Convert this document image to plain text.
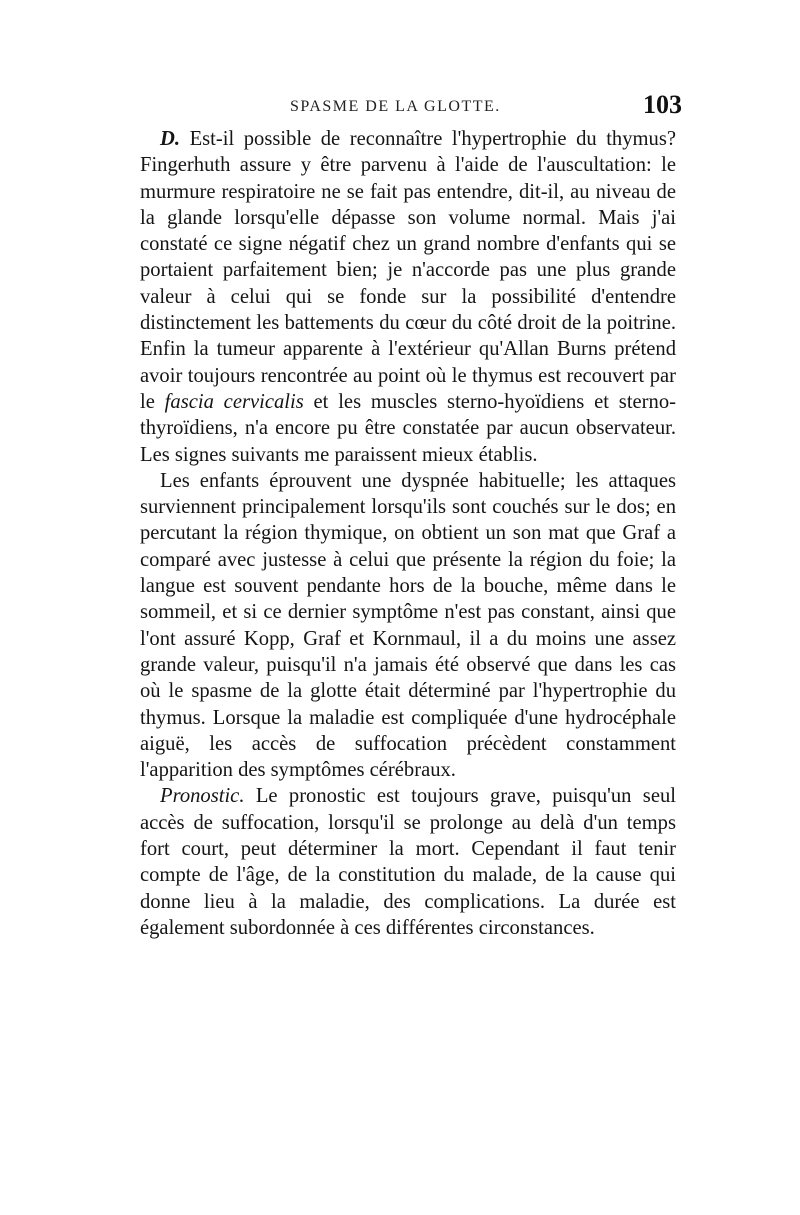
SPASME DE LA GLOTTE.	103

D. Est-il possible de reconnaître l'hypertrophie du thymus? Fingerhuth assure y être parvenu à l'aide de l'auscultation: le murmure respiratoire ne se fait pas entendre, dit-il, au niveau de la glande lorsqu'elle dépasse son volume normal. Mais j'ai constaté ce signe négatif chez un grand nombre d'enfants qui se portaient parfaitement bien; je n'accorde pas une plus grande valeur à celui qui se fonde sur la possibilité d'entendre distinctement les battements du cœur du côté droit de la poitrine. Enfin la tumeur apparente à l'extérieur qu'Allan Burns prétend avoir toujours rencontrée au point où le thymus est recouvert par le fascia cervicalis et les muscles sterno-hyoïdiens et sterno-thyroïdiens, n'a encore pu être constatée par aucun observateur. Les signes suivants me paraissent mieux établis.

Les enfants éprouvent une dyspnée habituelle; les attaques surviennent principalement lorsqu'ils sont couchés sur le dos; en percutant la région thymique, on obtient un son mat que Graf a comparé avec justesse à celui que présente la région du foie; la langue est souvent pendante hors de la bouche, même dans le sommeil, et si ce dernier symptôme n'est pas constant, ainsi que l'ont assuré Kopp, Graf et Kornmaul, il a du moins une assez grande valeur, puisqu'il n'a jamais été observé que dans les cas où le spasme de la glotte était déterminé par l'hypertrophie du thymus. Lorsque la maladie est compliquée d'une hydrocéphale aiguë, les accès de suffocation précèdent constamment l'apparition des symptômes cérébraux.

Pronostic. Le pronostic est toujours grave, puisqu'un seul accès de suffocation, lorsqu'il se prolonge au delà d'un temps fort court, peut déterminer la mort. Cependant il faut tenir compte de l'âge, de la constitution du malade, de la cause qui donne lieu à la maladie, des complications. La durée est également subordonnée à ces différentes circonstances.
